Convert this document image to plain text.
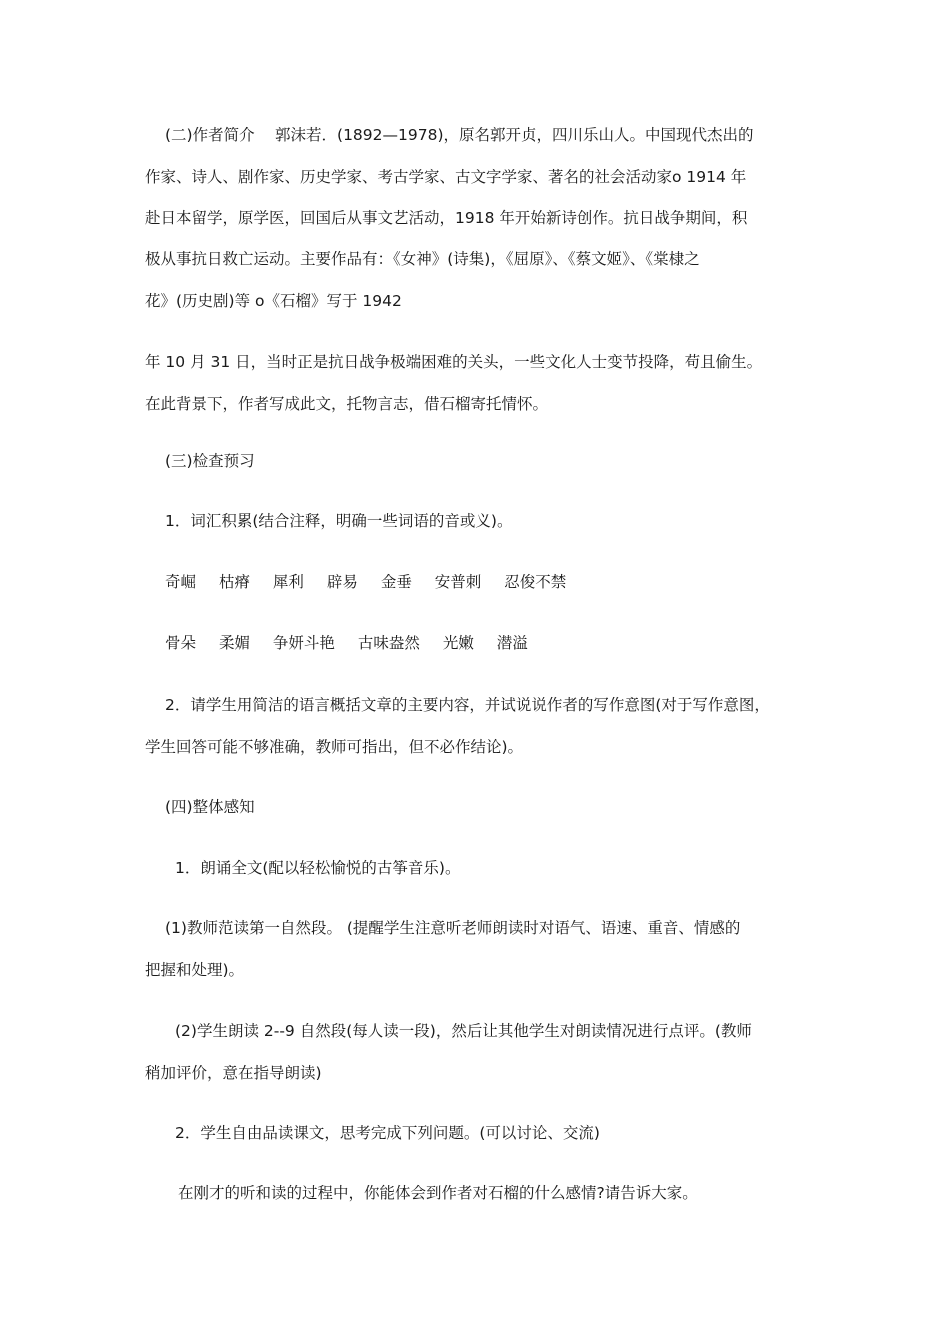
(二)作者简介　 郭沫若．(1892—1978)，原名郭开贞，四川乐山人。中国现代杰出的
作家、诗人、剧作家、历史学家、考古学家、古文字学家、著名的社会活动家o 1914 年
赴日本留学，原学医，回国后从事文艺活动，1918 年开始新诗创作。抗日战争期间，积
极从事抗日救亡运动。主要作品有：《女神》(诗集)，《屈原》、《蔡文姬》、《棠棣之
花》(历史剧)等 o《石榴》写于 1942
年 10 月 31 日，当时正是抗日战争极端困难的关头，一些文化人士变节投降，苟且偷生。
在此背景下，作者写成此文，托物言志，借石榴寄托情怀。
(三)检查预习
1．词汇积累(结合注释，明确一些词语的音或义)。
奇崛 枯瘠 犀利 辟易 金垂 安普刺 忍俊不禁
骨朵 柔媚 争妍斗艳 古味盎然 光嫩 潜溢
2．请学生用简洁的语言概括文章的主要内容，并试说说作者的写作意图(对于写作意图，
学生回答可能不够准确，教师可指出，但不必作结论)。
(四)整体感知
1．朗诵全文(配以轻松愉悦的古筝音乐)。
(1)教师范读第一自然段。 (提醒学生注意听老师朗读时对语气、语速、重音、情感的
把握和处理)。
(2)学生朗读 2--9 自然段(每人读一段)，然后让其他学生对朗读情况进行点评。(教师
稍加评价，意在指导朗读)
2．学生自由品读课文，思考完成下列问题。(可以讨论、交流)
在刚才的听和读的过程中，你能体会到作者对石榴的什么感情?请告诉大家。
